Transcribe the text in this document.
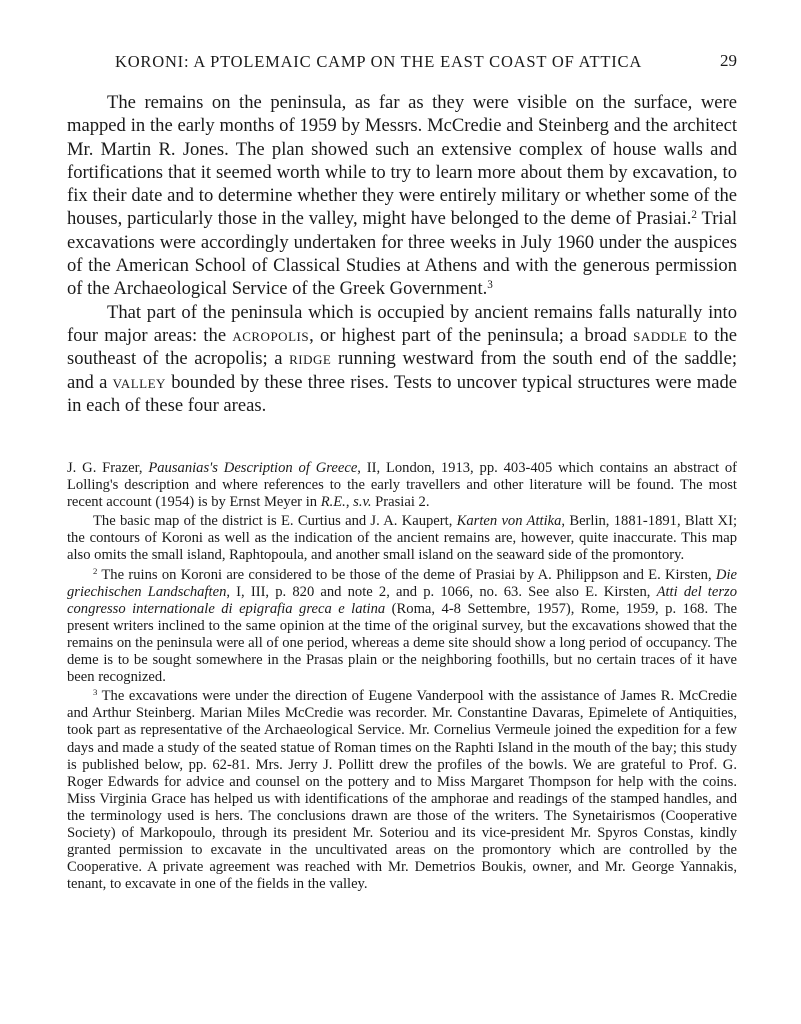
KORONI: A PTOLEMAIC CAMP ON THE EAST COAST OF ATTICA	29

The remains on the peninsula, as far as they were visible on the surface, were mapped in the early months of 1959 by Messrs. McCredie and Steinberg and the architect Mr. Martin R. Jones. The plan showed such an extensive complex of house walls and fortifications that it seemed worth while to try to learn more about them by excavation, to fix their date and to determine whether they were entirely military or whether some of the houses, particularly those in the valley, might have belonged to the deme of Prasiai.$^2$ Trial excavations were accordingly undertaken for three weeks in July 1960 under the auspices of the American School of Classical Studies at Athens and with the generous permission of the Archaeological Service of the Greek Government.$^3$

That part of the peninsula which is occupied by ancient remains falls naturally into four major areas: the acropolis, or highest part of the peninsula; a broad saddle to the southeast of the acropolis; a ridge running westward from the south end of the saddle; and a valley bounded by these three rises. Tests to uncover typical structures were made in each of these four areas.

J. G. Frazer, Pausanias's Description of Greece, II, London, 1913, pp. 403-405 which contains an abstract of Lolling's description and where references to the early travellers and other literature will be found. The most recent account (1954) is by Ernst Meyer in R.E., s.v. Prasiai 2.

The basic map of the district is E. Curtius and J. A. Kaupert, Karten von Attika, Berlin, 1881-1891, Blatt XI; the contours of Koroni as well as the indication of the ancient remains are, however, quite inaccurate. This map also omits the small island, Raphtopoula, and another small island on the seaward side of the promontory.

$^2$ The ruins on Koroni are considered to be those of the deme of Prasiai by A. Philippson and E. Kirsten, Die griechischen Landschaften, I, III, p. 820 and note 2, and p. 1066, no. 63. See also E. Kirsten, Atti del terzo congresso internationale di epigrafia greca e latina (Roma, 4-8 Settembre, 1957), Rome, 1959, p. 168. The present writers inclined to the same opinion at the time of the original survey, but the excavations showed that the remains on the peninsula were all of one period, whereas a deme site should show a long period of occupancy. The deme is to be sought somewhere in the Prasas plain or the neighboring foothills, but no certain traces of it have been recognized.

$^3$ The excavations were under the direction of Eugene Vanderpool with the assistance of James R. McCredie and Arthur Steinberg. Marian Miles McCredie was recorder. Mr. Constantine Davaras, Epimelete of Antiquities, took part as representative of the Archaeological Service. Mr. Cornelius Vermeule joined the expedition for a few days and made a study of the seated statue of Roman times on the Raphti Island in the mouth of the bay; this study is published below, pp. 62-81. Mrs. Jerry J. Pollitt drew the profiles of the bowls. We are grateful to Prof. G. Roger Edwards for advice and counsel on the pottery and to Miss Margaret Thompson for help with the coins. Miss Virginia Grace has helped us with identifications of the amphorae and readings of the stamped handles, and the terminology used is hers. The conclusions drawn are those of the writers. The Synetairismos (Cooperative Society) of Markopoulo, through its president Mr. Soteriou and its vice-president Mr. Spyros Constas, kindly granted permission to excavate in the uncultivated areas on the promontory which are controlled by the Cooperative. A private agreement was reached with Mr. Demetrios Boukis, owner, and Mr. George Yannakis, tenant, to excavate in one of the fields in the valley.
